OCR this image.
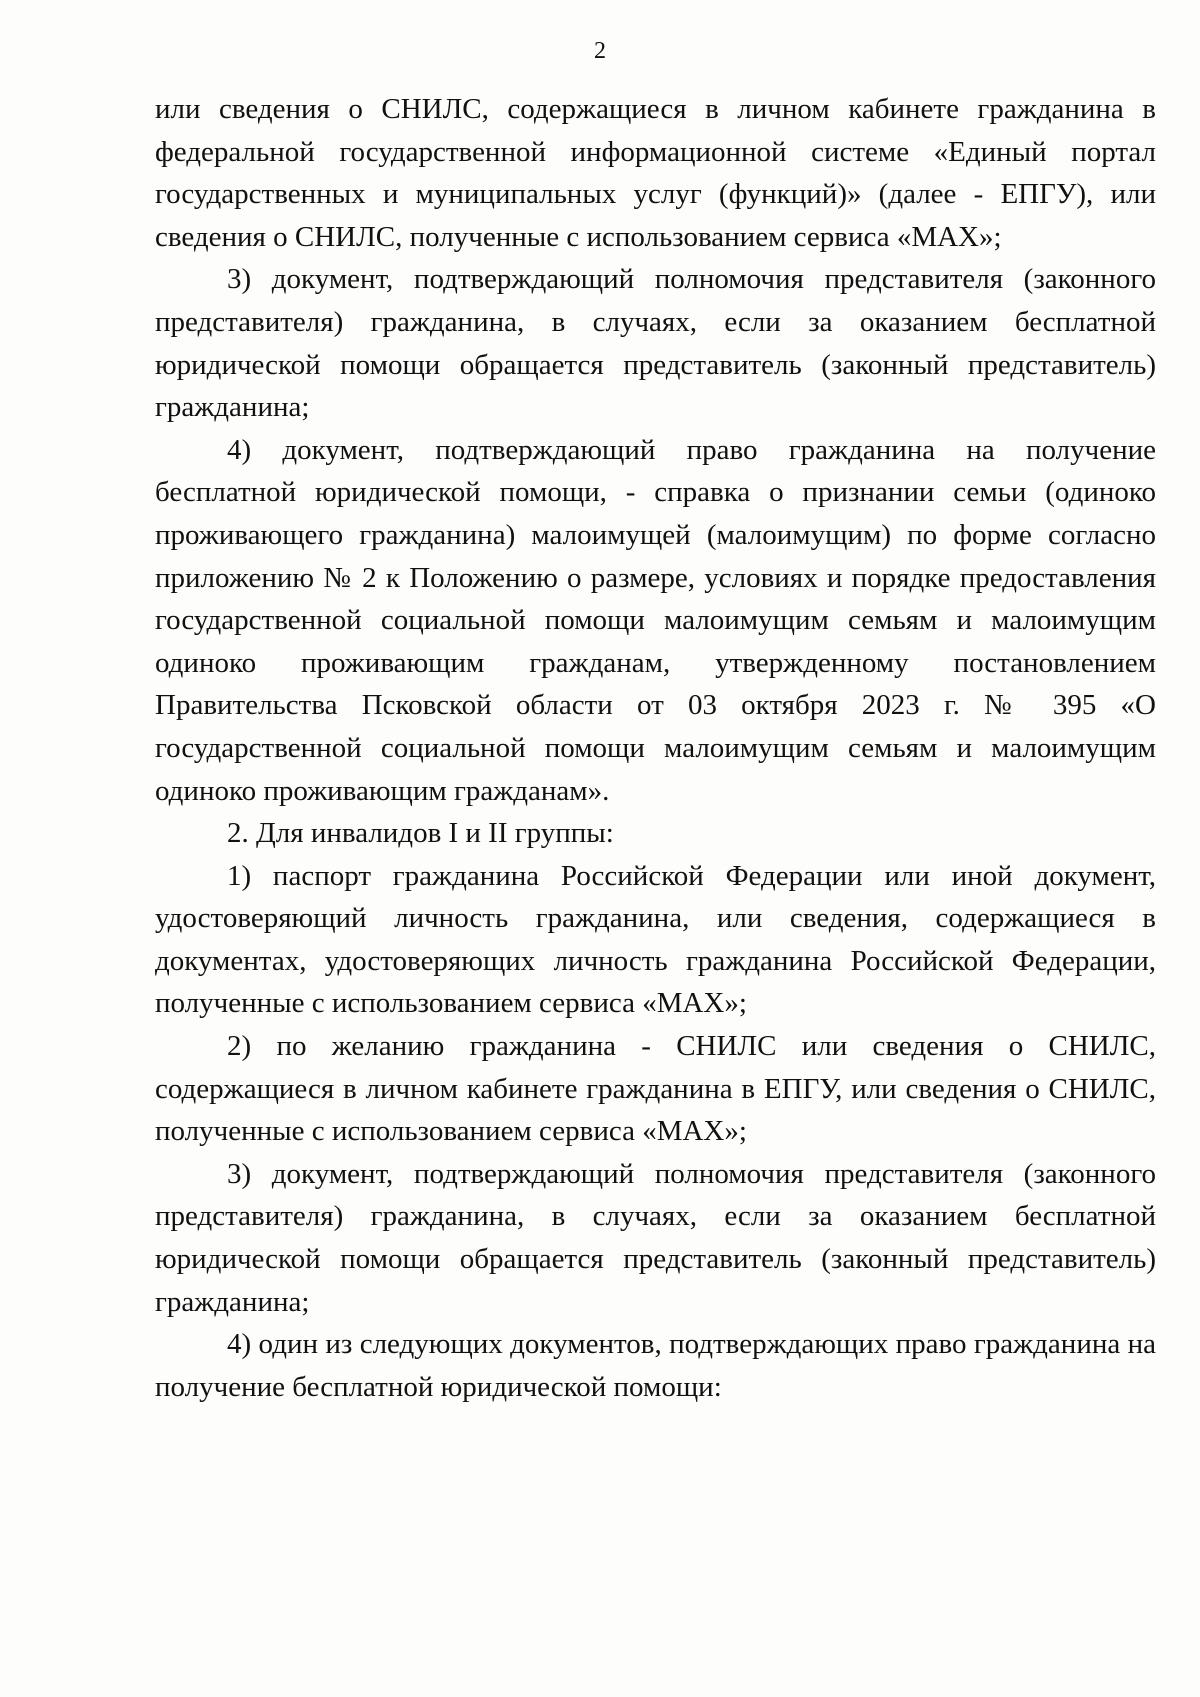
2

или сведения о СНИЛС, содержащиеся в личном кабинете гражданина в федеральной государственной информационной системе «Единый портал государственных и муниципальных услуг (функций)» (далее - ЕПГУ), или сведения о СНИЛС, полученные с использованием сервиса «МАХ»;

3) документ, подтверждающий полномочия представителя (законного представителя) гражданина, в случаях, если за оказанием бесплатной юридической помощи обращается представитель (законный представитель) гражданина;

4) документ, подтверждающий право гражданина на получение бесплатной юридической помощи, - справка о признании семьи (одиноко проживающего гражданина) малоимущей (малоимущим) по форме согласно приложению № 2 к Положению о размере, условиях и порядке предоставления государственной социальной помощи малоимущим семьям и малоимущим одиноко проживающим гражданам, утвержденному постановлением Правительства Псковской области от 03 октября 2023 г. № 395 «О государственной социальной помощи малоимущим семьям и малоимущим одиноко проживающим гражданам».

2. Для инвалидов I и II группы:

1) паспорт гражданина Российской Федерации или иной документ, удостоверяющий личность гражданина, или сведения, содержащиеся в документах, удостоверяющих личность гражданина Российской Федерации, полученные с использованием сервиса «МАХ»;

2) по желанию гражданина - СНИЛС или сведения о СНИЛС, содержащиеся в личном кабинете гражданина в ЕПГУ, или сведения о СНИЛС, полученные с использованием сервиса «МАХ»;

3) документ, подтверждающий полномочия представителя (законного представителя) гражданина, в случаях, если за оказанием бесплатной юридической помощи обращается представитель (законный представитель) гражданина;

4) один из следующих документов, подтверждающих право гражданина на получение бесплатной юридической помощи:
